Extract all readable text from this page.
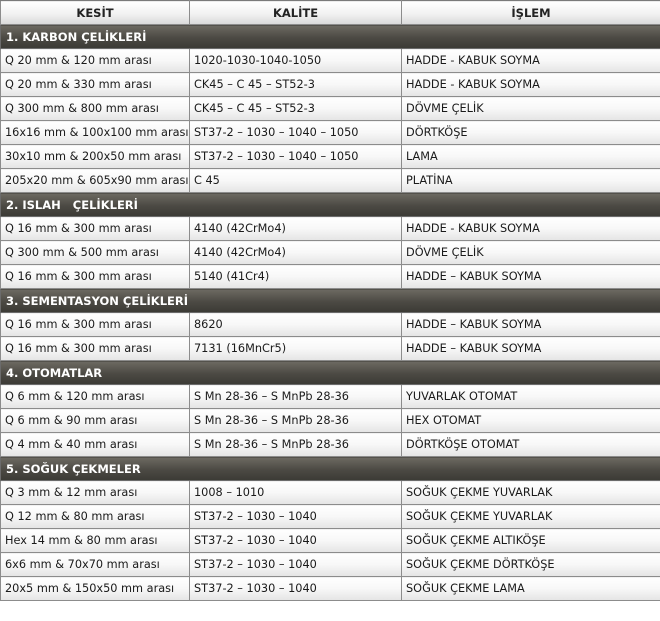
KESİT	KALİTE	İŞLEM
1. KARBON ÇELİKLERİ		
Q 20 mm & 120 mm arası	1020-1030-1040-1050	HADDE - KABUK SOYMA
Q 20 mm & 330 mm arası	CK45 – C 45 – ST52-3	HADDE - KABUK SOYMA
Q 300 mm & 800 mm arası	CK45 – C 45 – ST52-3	DÖVME ÇELİK
16x16 mm & 100x100 mm arası	ST37-2 – 1030 – 1040 – 1050	DÖRTKÖŞE
30x10 mm & 200x50 mm arası	ST37-2 – 1030 – 1040 – 1050	LAMA
205x20 mm & 605x90 mm arası	C 45	PLATİNA
2. ISLAH   ÇELİKLERİ		
Q 16 mm & 300 mm arası	4140 (42CrMo4)	HADDE - KABUK SOYMA
Q 300 mm & 500 mm arası	4140 (42CrMo4)	DÖVME ÇELİK
Q 16 mm & 300 mm arası	5140 (41Cr4)	HADDE – KABUK SOYMA
3. SEMENTASYON ÇELİKLERİ		
Q 16 mm & 300 mm arası	8620	HADDE – KABUK SOYMA
Q 16 mm & 300 mm arası	7131 (16MnCr5)	HADDE – KABUK SOYMA
4. OTOMATLAR		
Q 6 mm & 120 mm arası	S Mn 28-36 – S MnPb 28-36	YUVARLAK OTOMAT
Q 6 mm & 90 mm arası	S Mn 28-36 – S MnPb 28-36	HEX OTOMAT
Q 4 mm & 40 mm arası	S Mn 28-36 – S MnPb 28-36	DÖRTKÖŞE OTOMAT
5. SOĞUK ÇEKMELER		
Q 3 mm & 12 mm arası	1008 – 1010	SOĞUK ÇEKME YUVARLAK
Q 12 mm & 80 mm arası	ST37-2 – 1030 – 1040	SOĞUK ÇEKME YUVARLAK
Hex 14 mm & 80 mm arası	ST37-2 – 1030 – 1040	SOĞUK ÇEKME ALTIKÖŞE
6x6 mm & 70x70 mm arası	ST37-2 – 1030 – 1040	SOĞUK ÇEKME DÖRTKÖŞE
20x5 mm & 150x50 mm arası	ST37-2 – 1030 – 1040	SOĞUK ÇEKME LAMA
